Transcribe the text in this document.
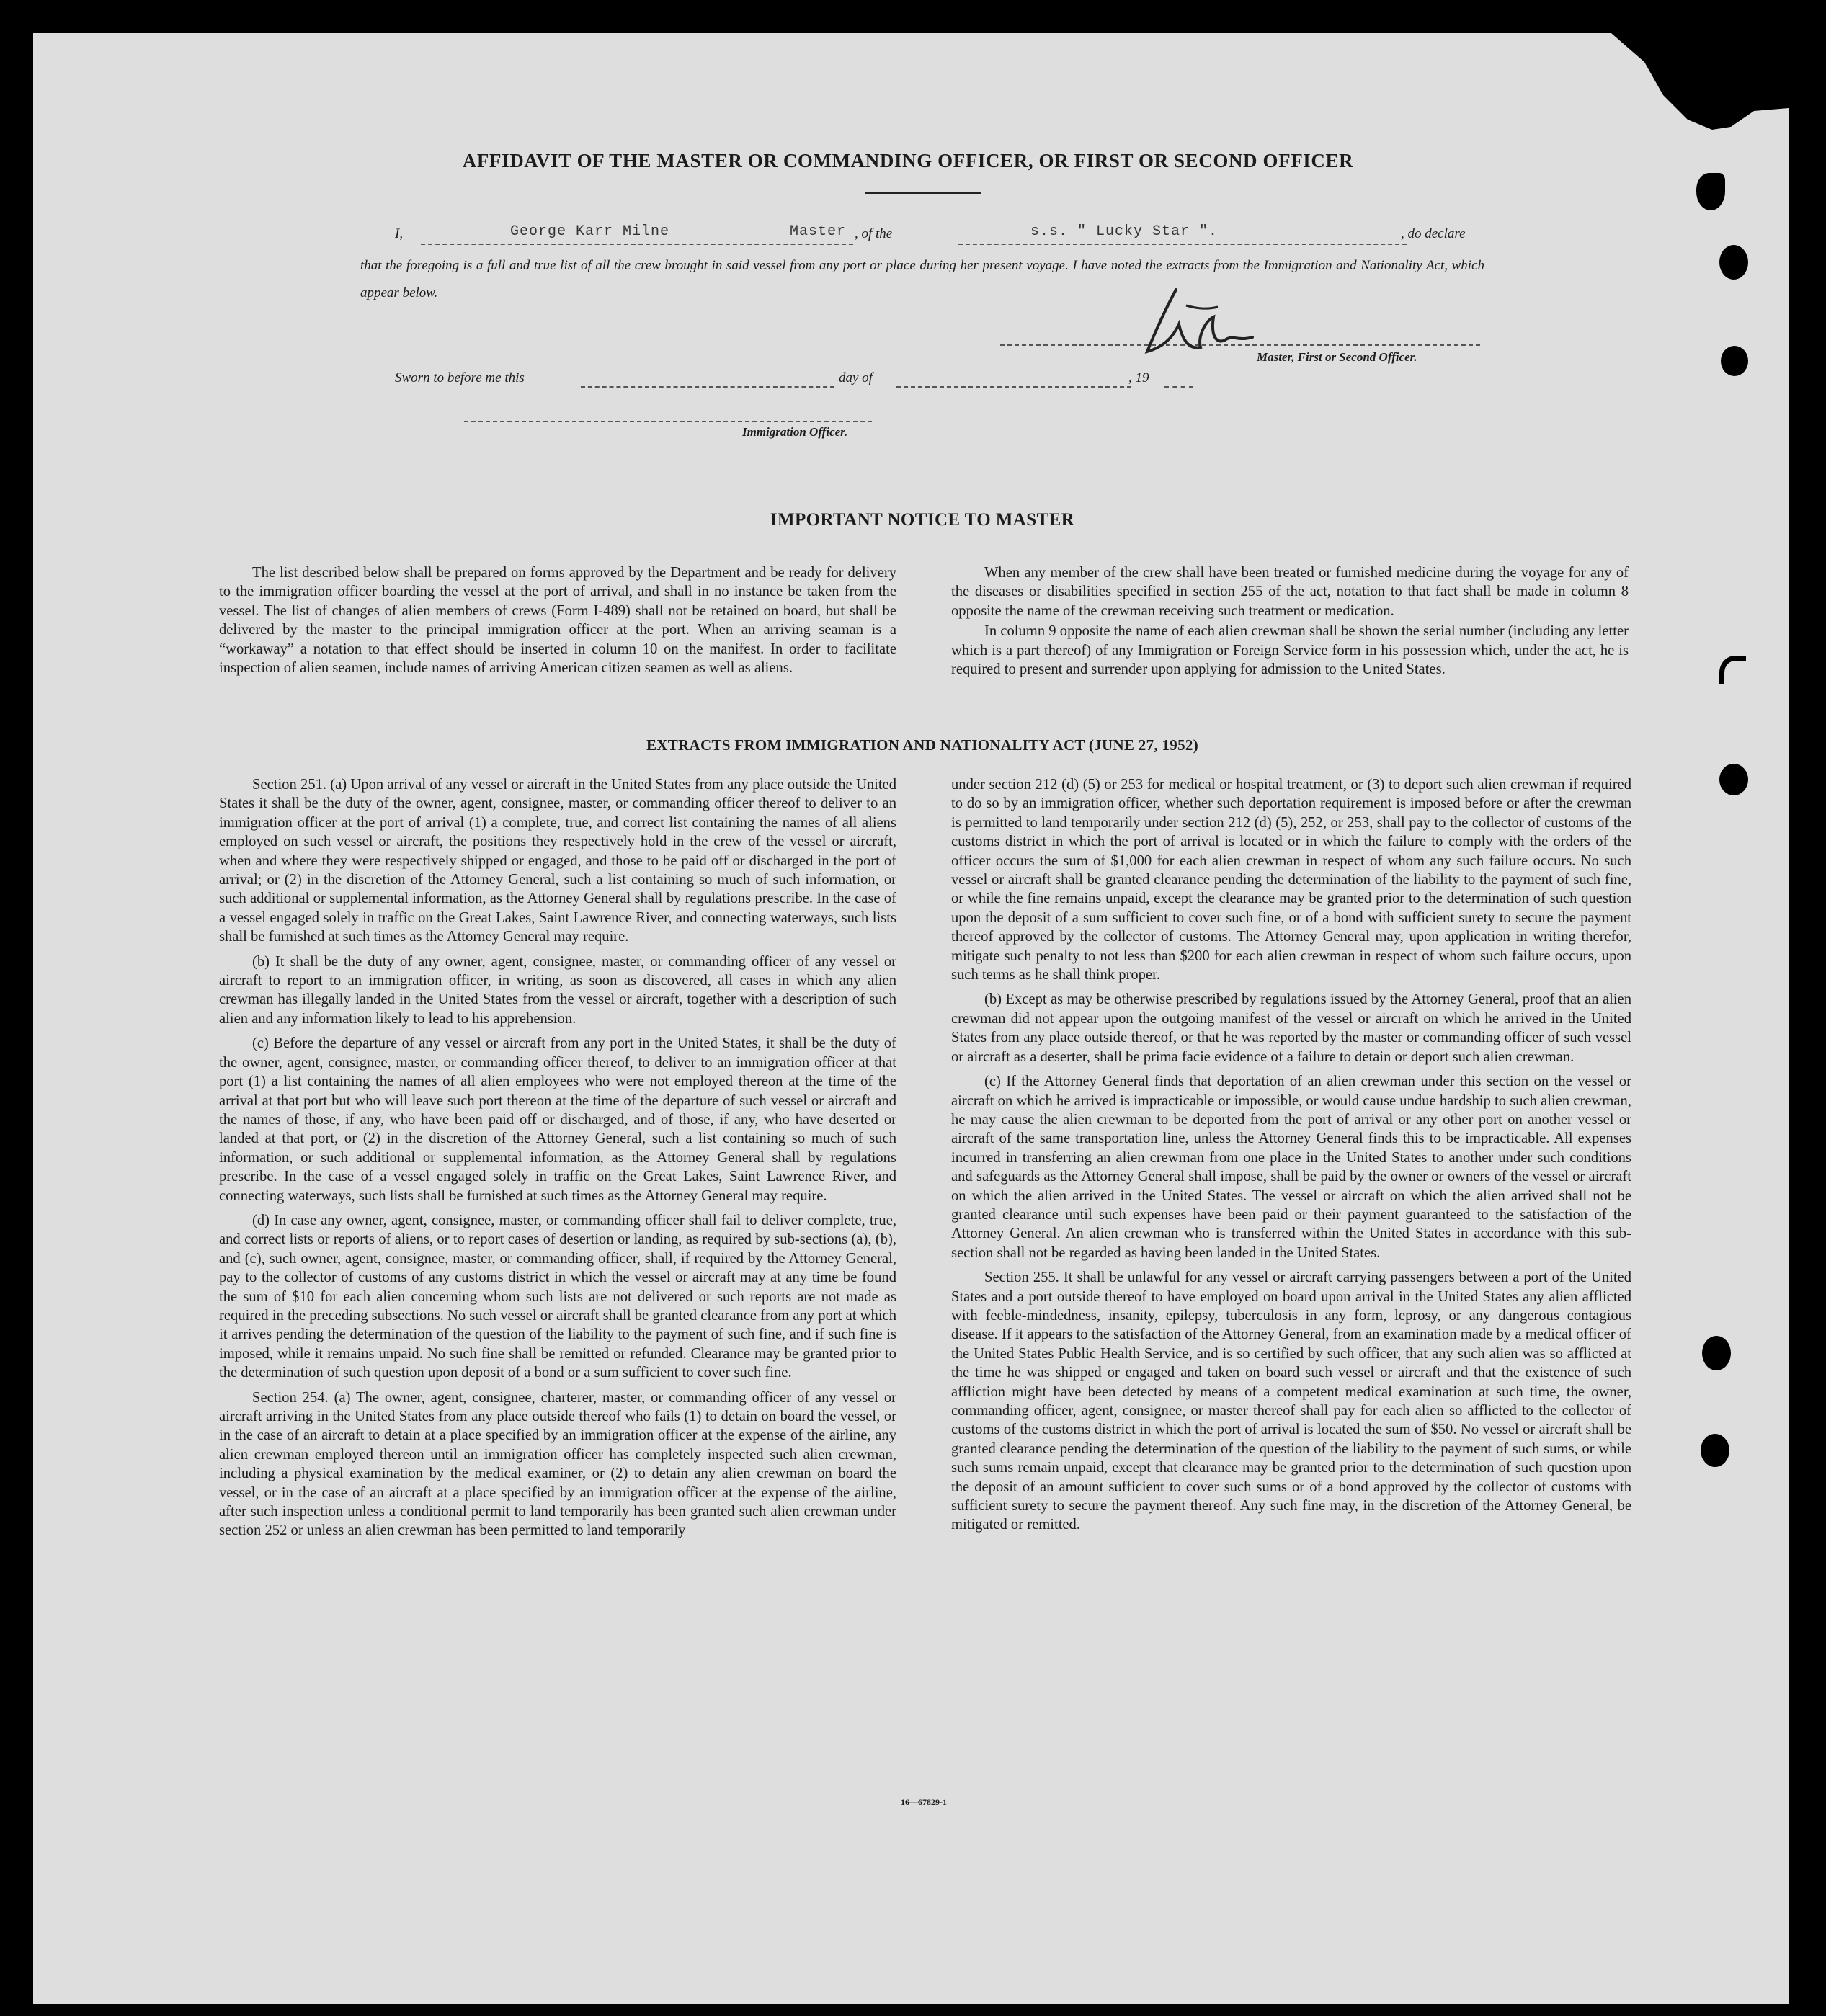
AFFIDAVIT OF THE MASTER OR COMMANDING OFFICER, OR FIRST OR SECOND OFFICER
I,	George Karr Milne	Master , of the	s.s. " Lucky Star ".	, do declare
that the foregoing is a full and true list of all the crew brought in said vessel from any port or place during her present voyage. I have noted the extracts from the Immigration and Nationality Act, which appear below.
Master, First or Second Officer.
Sworn to before me this	day of	, 19
Immigration Officer.
IMPORTANT NOTICE TO MASTER

The list described below shall be prepared on forms approved by the Department and be ready for delivery to the immigration officer boarding the vessel at the port of arrival, and shall in no instance be taken from the vessel. The list of changes of alien members of crews (Form I-489) shall not be retained on board, but shall be delivered by the master to the principal immigration officer at the port. When an arriving seaman is a “workaway” a notation to that effect should be inserted in column 10 on the manifest. In order to facilitate inspection of alien seamen, include names of arriving American citizen seamen as well as aliens.

When any member of the crew shall have been treated or furnished medicine during the voyage for any of the diseases or disabilities specified in section 255 of the act, notation to that fact shall be made in column 8 opposite the name of the crewman receiving such treatment or medication.

In column 9 opposite the name of each alien crewman shall be shown the serial number (including any letter which is a part thereof) of any Immigration or Foreign Service form in his possession which, under the act, he is required to present and surrender upon applying for admission to the United States.

EXTRACTS FROM IMMIGRATION AND NATIONALITY ACT (JUNE 27, 1952)

Section 251. (a) Upon arrival of any vessel or aircraft in the United States from any place outside the United States it shall be the duty of the owner, agent, consignee, master, or commanding officer thereof to deliver to an immigration officer at the port of arrival (1) a complete, true, and correct list containing the names of all aliens employed on such vessel or aircraft, the positions they respectively hold in the crew of the vessel or aircraft, when and where they were respectively shipped or engaged, and those to be paid off or discharged in the port of arrival; or (2) in the discretion of the Attorney General, such a list containing so much of such information, or such additional or supplemental information, as the Attorney General shall by regulations prescribe. In the case of a vessel engaged solely in traffic on the Great Lakes, Saint Lawrence River, and connecting waterways, such lists shall be furnished at such times as the Attorney General may require.

(b) It shall be the duty of any owner, agent, consignee, master, or commanding officer of any vessel or aircraft to report to an immigration officer, in writing, as soon as discovered, all cases in which any alien crewman has illegally landed in the United States from the vessel or aircraft, together with a description of such alien and any information likely to lead to his apprehension.

(c) Before the departure of any vessel or aircraft from any port in the United States, it shall be the duty of the owner, agent, consignee, master, or commanding officer thereof, to deliver to an immigration officer at that port (1) a list containing the names of all alien employees who were not employed thereon at the time of the arrival at that port but who will leave such port thereon at the time of the departure of such vessel or aircraft and the names of those, if any, who have been paid off or discharged, and of those, if any, who have deserted or landed at that port, or (2) in the discretion of the Attorney General, such a list containing so much of such information, or such additional or supplemental information, as the Attorney General shall by regulations prescribe. In the case of a vessel engaged solely in traffic on the Great Lakes, Saint Lawrence River, and connecting waterways, such lists shall be furnished at such times as the Attorney General may require.

(d) In case any owner, agent, consignee, master, or commanding officer shall fail to deliver complete, true, and correct lists or reports of aliens, or to report cases of desertion or landing, as required by sub-sections (a), (b), and (c), such owner, agent, consignee, master, or commanding officer, shall, if required by the Attorney General, pay to the collector of customs of any customs district in which the vessel or aircraft may at any time be found the sum of $10 for each alien concerning whom such lists are not delivered or such reports are not made as required in the preceding subsections. No such vessel or aircraft shall be granted clearance from any port at which it arrives pending the determination of the question of the liability to the payment of such fine, and if such fine is imposed, while it remains unpaid. No such fine shall be remitted or refunded. Clearance may be granted prior to the determination of such question upon deposit of a bond or a sum sufficient to cover such fine.

Section 254. (a) The owner, agent, consignee, charterer, master, or commanding officer of any vessel or aircraft arriving in the United States from any place outside thereof who fails (1) to detain on board the vessel, or in the case of an aircraft to detain at a place specified by an immigration officer at the expense of the airline, any alien crewman employed thereon until an immigration officer has completely inspected such alien crewman, including a physical examination by the medical examiner, or (2) to detain any alien crewman on board the vessel, or in the case of an aircraft at a place specified by an immigration officer at the expense of the airline, after such inspection unless a conditional permit to land temporarily has been granted such alien crewman under section 252 or unless an alien crewman has been permitted to land temporarily

under section 212 (d) (5) or 253 for medical or hospital treatment, or (3) to deport such alien crewman if required to do so by an immigration officer, whether such deportation requirement is imposed before or after the crewman is permitted to land temporarily under section 212 (d) (5), 252, or 253, shall pay to the collector of customs of the customs district in which the port of arrival is located or in which the failure to comply with the orders of the officer occurs the sum of $1,000 for each alien crewman in respect of whom any such failure occurs. No such vessel or aircraft shall be granted clearance pending the determination of the liability to the payment of such fine, or while the fine remains unpaid, except the clearance may be granted prior to the determination of such question upon the deposit of a sum sufficient to cover such fine, or of a bond with sufficient surety to secure the payment thereof approved by the collector of customs. The Attorney General may, upon application in writing therefor, mitigate such penalty to not less than $200 for each alien crewman in respect of whom such failure occurs, upon such terms as he shall think proper.

(b) Except as may be otherwise prescribed by regulations issued by the Attorney General, proof that an alien crewman did not appear upon the outgoing manifest of the vessel or aircraft on which he arrived in the United States from any place outside thereof, or that he was reported by the master or commanding officer of such vessel or aircraft as a deserter, shall be prima facie evidence of a failure to detain or deport such alien crewman.

(c) If the Attorney General finds that deportation of an alien crewman under this section on the vessel or aircraft on which he arrived is impracticable or impossible, or would cause undue hardship to such alien crewman, he may cause the alien crewman to be deported from the port of arrival or any other port on another vessel or aircraft of the same transportation line, unless the Attorney General finds this to be impracticable. All expenses incurred in transferring an alien crewman from one place in the United States to another under such conditions and safeguards as the Attorney General shall impose, shall be paid by the owner or owners of the vessel or aircraft on which the alien arrived in the United States. The vessel or aircraft on which the alien arrived shall not be granted clearance until such expenses have been paid or their payment guaranteed to the satisfaction of the Attorney General. An alien crewman who is transferred within the United States in accordance with this sub-section shall not be regarded as having been landed in the United States.

Section 255. It shall be unlawful for any vessel or aircraft carrying passengers between a port of the United States and a port outside thereof to have employed on board upon arrival in the United States any alien afflicted with feeble-mindedness, insanity, epilepsy, tuberculosis in any form, leprosy, or any dangerous contagious disease. If it appears to the satisfaction of the Attorney General, from an examination made by a medical officer of the United States Public Health Service, and is so certified by such officer, that any such alien was so afflicted at the time he was shipped or engaged and taken on board such vessel or aircraft and that the existence of such affliction might have been detected by means of a competent medical examination at such time, the owner, commanding officer, agent, consignee, or master thereof shall pay for each alien so afflicted to the collector of customs of the customs district in which the port of arrival is located the sum of $50. No vessel or aircraft shall be granted clearance pending the determination of the question of the liability to the payment of such sums, or while such sums remain unpaid, except that clearance may be granted prior to the determination of such question upon the deposit of an amount sufficient to cover such sums or of a bond approved by the collector of customs with sufficient surety to secure the payment thereof. Any such fine may, in the discretion of the Attorney General, be mitigated or remitted.

16—67829-1
